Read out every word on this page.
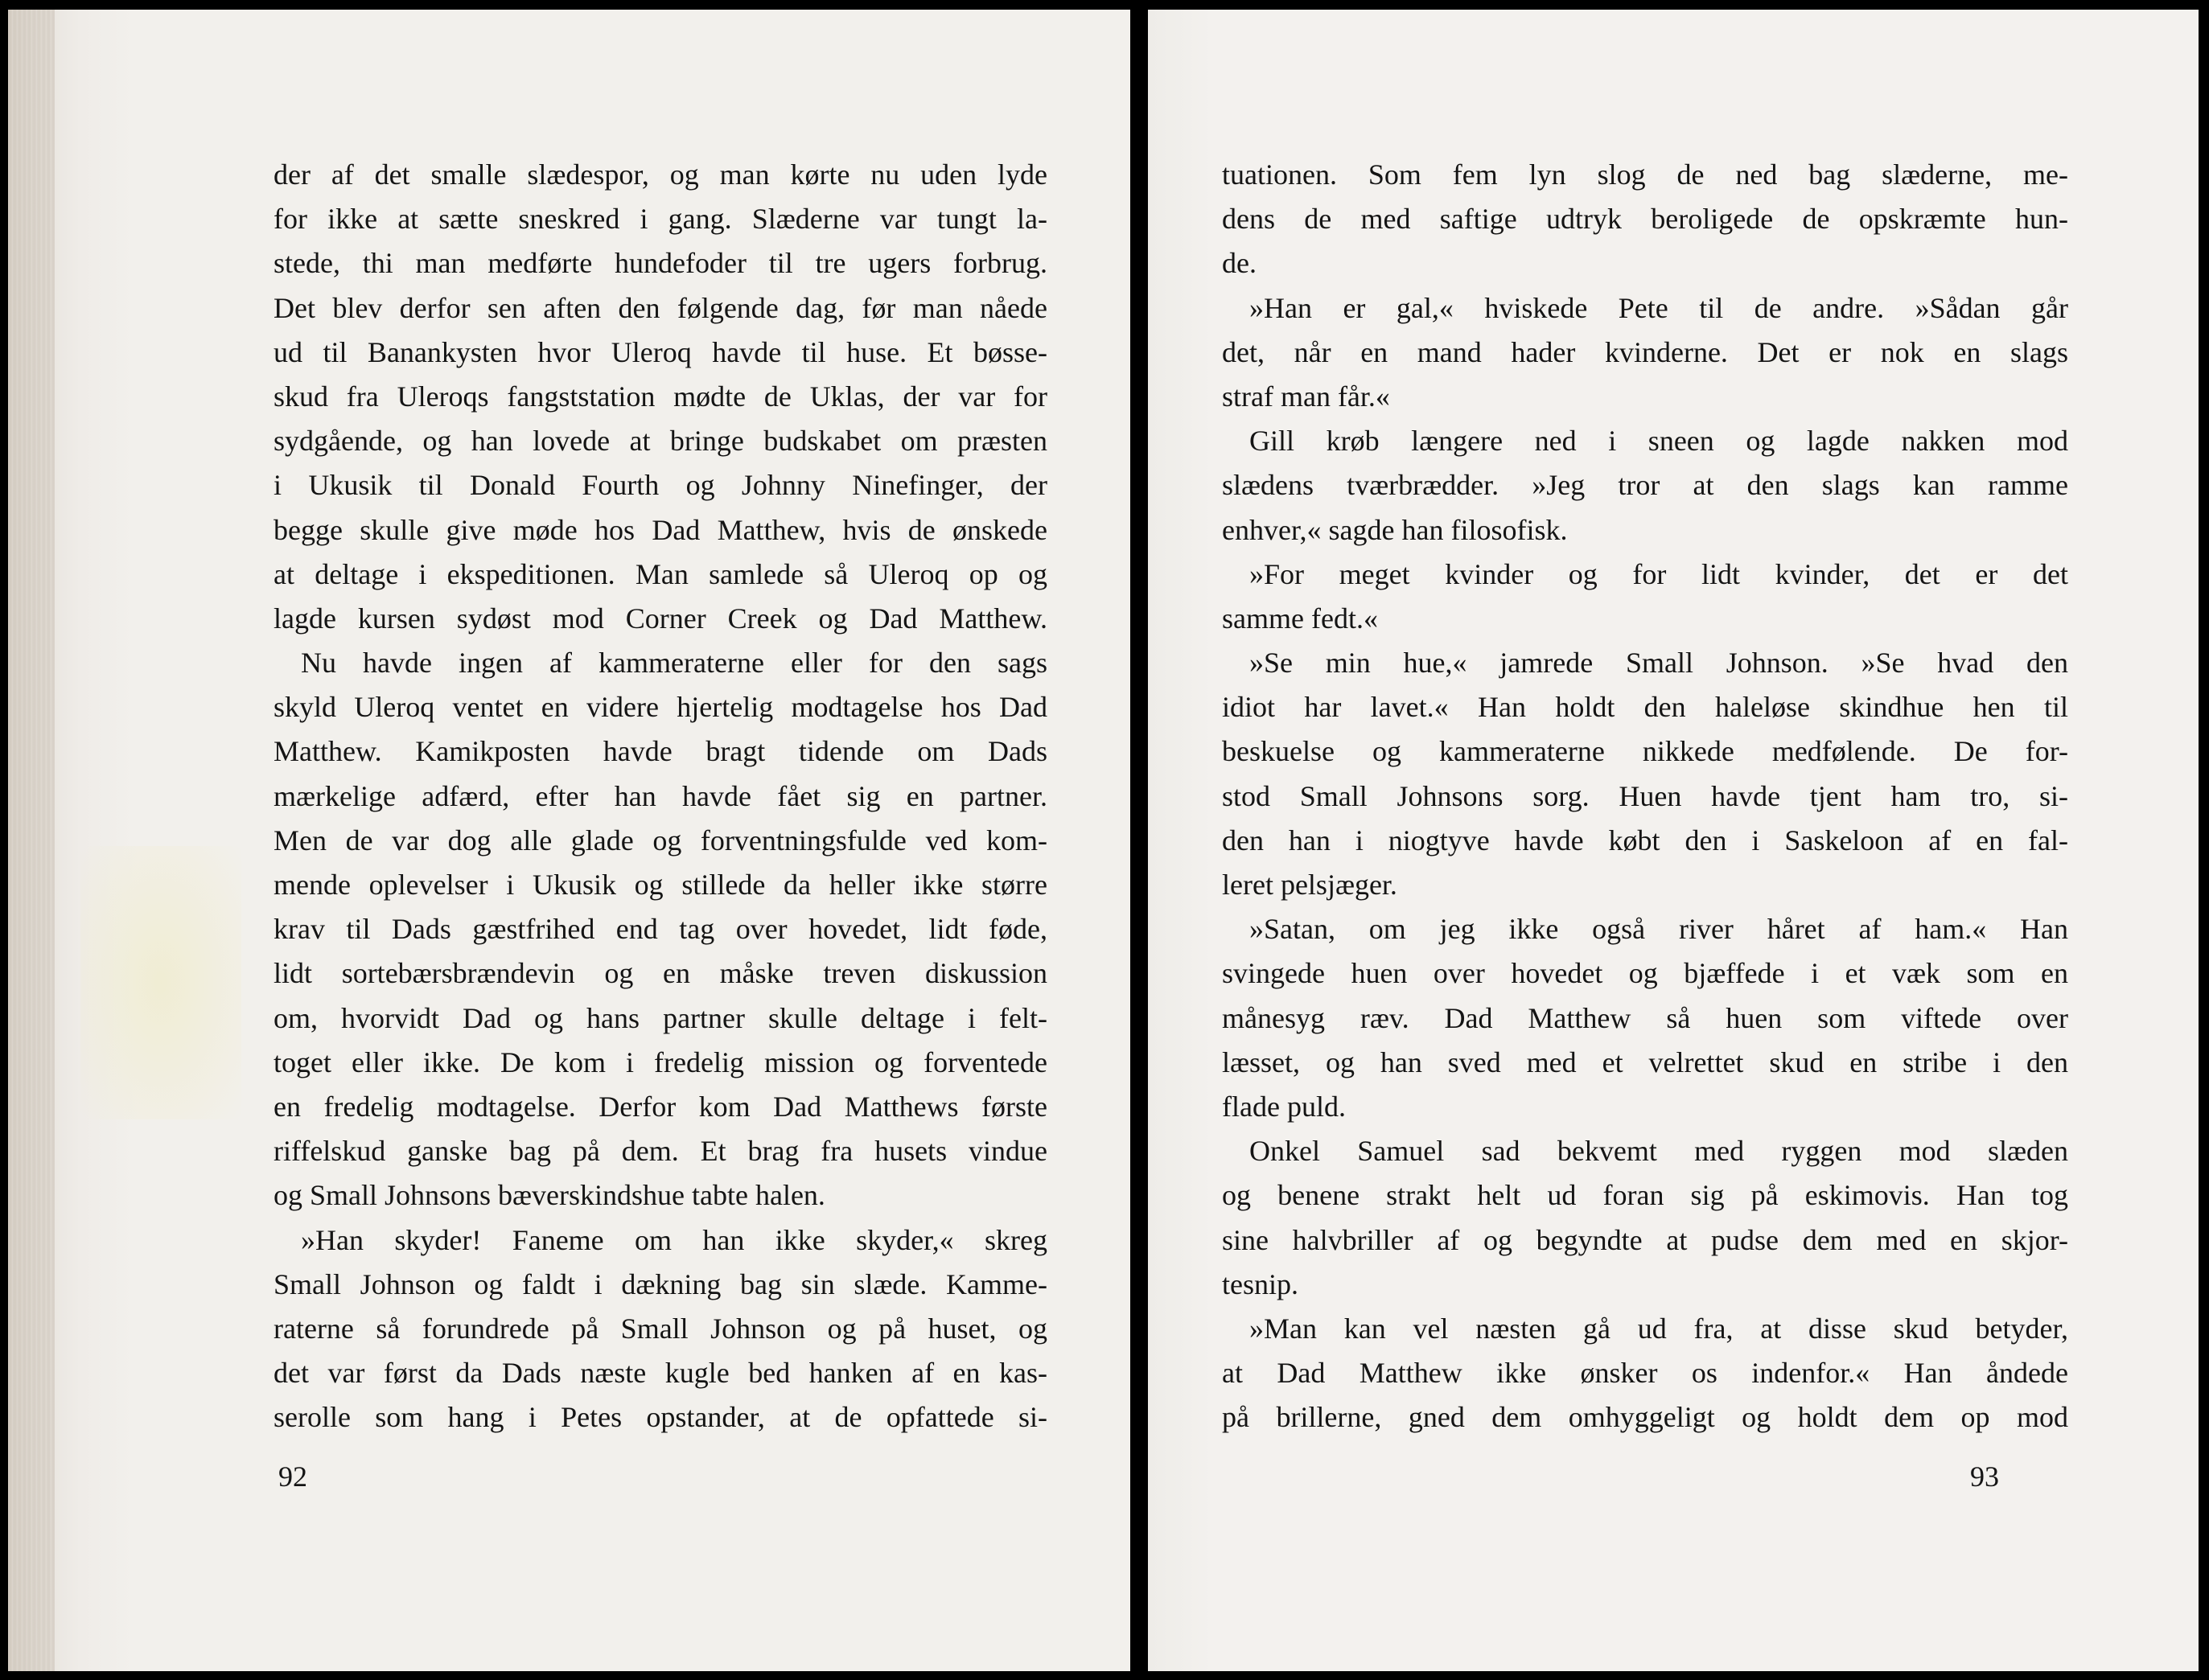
der af det smalle slædespor, og man kørte nu uden lyde
for ikke at sætte sneskred i gang. Slæderne var tungt la-
stede, thi man medførte hundefoder til tre ugers forbrug.
Det blev derfor sen aften den følgende dag, før man nåede
ud til Banankysten hvor Uleroq havde til huse. Et bøsse-
skud fra Uleroqs fangststation mødte de Uklas, der var for
sydgående, og han lovede at bringe budskabet om præsten
i Ukusik til Donald Fourth og Johnny Ninefinger, der
begge skulle give møde hos Dad Matthew, hvis de ønskede
at deltage i ekspeditionen. Man samlede så Uleroq op og
lagde kursen sydøst mod Corner Creek og Dad Matthew.
Nu havde ingen af kammeraterne eller for den sags
skyld Uleroq ventet en videre hjertelig modtagelse hos Dad
Matthew. Kamikposten havde bragt tidende om Dads
mærkelige adfærd, efter han havde fået sig en partner.
Men de var dog alle glade og forventningsfulde ved kom-
mende oplevelser i Ukusik og stillede da heller ikke større
krav til Dads gæstfrihed end tag over hovedet, lidt føde,
lidt sortebærsbrændevin og en måske treven diskussion
om, hvorvidt Dad og hans partner skulle deltage i felt-
toget eller ikke. De kom i fredelig mission og forventede
en fredelig modtagelse. Derfor kom Dad Matthews første
riffelskud ganske bag på dem. Et brag fra husets vindue
og Small Johnsons bæverskindshue tabte halen.
»Han skyder! Faneme om han ikke skyder,« skreg
Small Johnson og faldt i dækning bag sin slæde. Kamme-
raterne så forundrede på Small Johnson og på huset, og
det var først da Dads næste kugle bed hanken af en kas-
serolle som hang i Petes opstander, at de opfattede si-
92
tuationen. Som fem lyn slog de ned bag slæderne, me-
dens de med saftige udtryk beroligede de opskræmte hun-
de.
»Han er gal,« hviskede Pete til de andre. »Sådan går
det, når en mand hader kvinderne. Det er nok en slags
straf man får.«
Gill krøb længere ned i sneen og lagde nakken mod
slædens tværbrædder. »Jeg tror at den slags kan ramme
enhver,« sagde han filosofisk.
»For meget kvinder og for lidt kvinder, det er det
samme fedt.«
»Se min hue,« jamrede Small Johnson. »Se hvad den
idiot har lavet.« Han holdt den haleløse skindhue hen til
beskuelse og kammeraterne nikkede medfølende. De for-
stod Small Johnsons sorg. Huen havde tjent ham tro, si-
den han i niogtyve havde købt den i Saskeloon af en fal-
leret pelsjæger.
»Satan, om jeg ikke også river håret af ham.« Han
svingede huen over hovedet og bjæffede i et væk som en
månesyg ræv. Dad Matthew så huen som viftede over
læsset, og han sved med et velrettet skud en stribe i den
flade puld.
Onkel Samuel sad bekvemt med ryggen mod slæden
og benene strakt helt ud foran sig på eskimovis. Han tog
sine halvbriller af og begyndte at pudse dem med en skjor-
tesnip.
»Man kan vel næsten gå ud fra, at disse skud betyder,
at Dad Matthew ikke ønsker os indenfor.« Han åndede
på brillerne, gned dem omhyggeligt og holdt dem op mod
93
